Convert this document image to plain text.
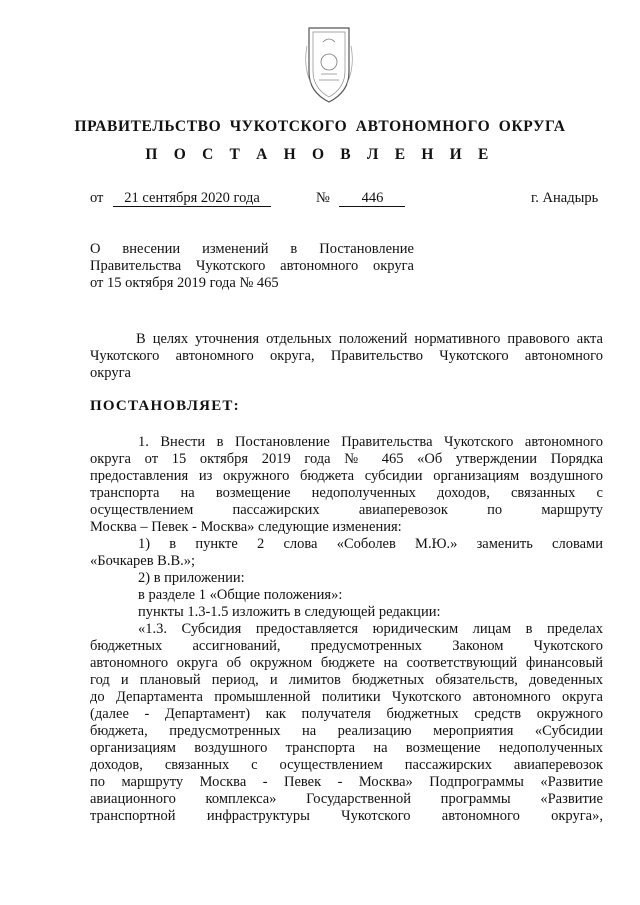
ПРАВИТЕЛЬСТВО ЧУКОТСКОГО АВТОНОМНОГО ОКРУГА
П О С Т А Н О В Л Е Н И Е
от 21 сентября 2020 года	№ 446	г. Анадырь
О внесении изменений в Постановление
Правительства Чукотского автономного округа
от 15 октября 2019 года № 465
В целях уточнения отдельных положений нормативного правового акта
Чукотского автономного округа, Правительство Чукотского автономного
округа
ПОСТАНОВЛЯЕТ:
1. Внести в Постановление Правительства Чукотского автономного
округа от 15 октября 2019 года № 465 «Об утверждении Порядка
предоставления из окружного бюджета субсидии организациям воздушного
транспорта на возмещение недополученных доходов, связанных с
осуществлением пассажирских авиаперевозок по маршруту
Москва – Певек - Москва» следующие изменения:
1) в пункте 2 слова «Соболев М.Ю.» заменить словами
«Бочкарев В.В.»;
2) в приложении:
в разделе 1 «Общие положения»:
пункты 1.3-1.5 изложить в следующей редакции:
«1.3. Субсидия предоставляется юридическим лицам в пределах
бюджетных ассигнований, предусмотренных Законом Чукотского
автономного округа об окружном бюджете на соответствующий финансовый
год и плановый период, и лимитов бюджетных обязательств, доведенных
до Департамента промышленной политики Чукотского автономного округа
(далее - Департамент) как получателя бюджетных средств окружного
бюджета, предусмотренных на реализацию мероприятия «Субсидии
организациям воздушного транспорта на возмещение недополученных
доходов, связанных с осуществлением пассажирских авиаперевозок
по маршруту Москва - Певек - Москва» Подпрограммы «Развитие
авиационного комплекса» Государственной программы «Развитие
транспортной инфраструктуры Чукотского автономного округа»,
